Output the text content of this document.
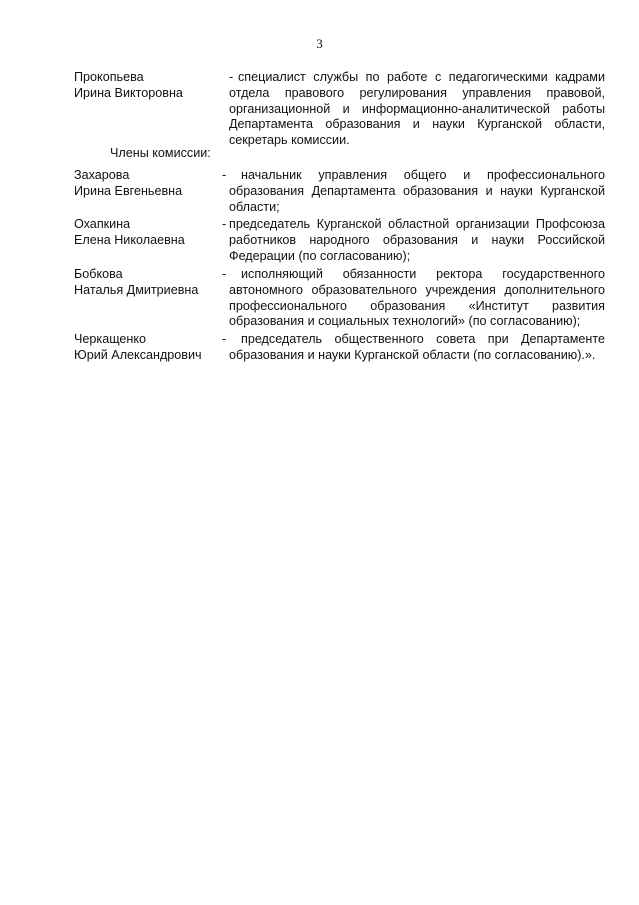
3
Прокопьева
Ирина Викторовна
- специалист службы по работе с педагогическими кадрами отдела правового регулирования управления правовой, организационной и информационно-аналитической работы Департамента образования и науки Курганской области, секретарь комиссии.
Члены комиссии:
Захарова
Ирина Евгеньевна
-	начальник управления общего и профессионального образования Департамента образования и науки Курганской области;
Охапкина
Елена Николаевна
- председатель Курганской областной организации Профсоюза работников народного образования и науки Российской Федерации (по согласованию);
Бобкова
Наталья Дмитриевна
-	исполняющий обязанности ректора государственного автономного образовательного учреждения дополнительного профессионального образования «Институт развития образования и социальных технологий» (по согласованию);
Черкащенко
Юрий Александрович
-	председатель общественного совета при Департаменте образования и науки Курганской области (по согласованию).».
